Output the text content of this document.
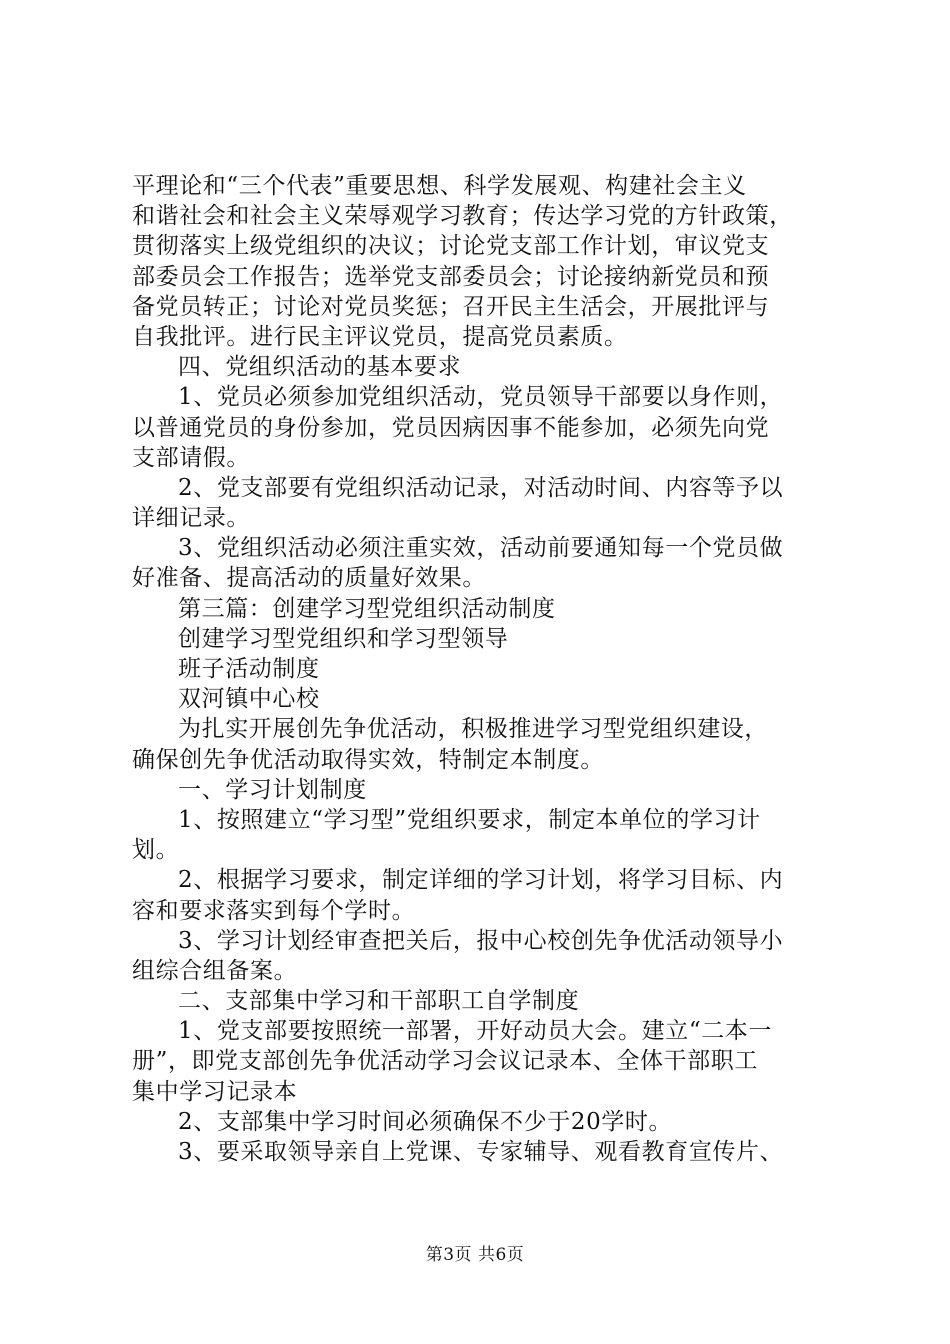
平理论和“三个代表”重要思想、科学发展观、构建社会主义
和谐社会和社会主义荣辱观学习教育；传达学习党的方针政策，
贯彻落实上级党组织的决议；讨论党支部工作计划，审议党支
部委员会工作报告；选举党支部委员会；讨论接纳新党员和预
备党员转正；讨论对党员奖惩；召开民主生活会，开展批评与
自我批评。进行民主评议党员，提高党员素质。
四、党组织活动的基本要求
1、党员必须参加党组织活动，党员领导干部要以身作则，
以普通党员的身份参加，党员因病因事不能参加，必须先向党
支部请假。
2、党支部要有党组织活动记录，对活动时间、内容等予以
详细记录。
3、党组织活动必须注重实效，活动前要通知每一个党员做
好准备、提高活动的质量好效果。
第三篇：创建学习型党组织活动制度
创建学习型党组织和学习型领导
班子活动制度
双河镇中心校
为扎实开展创先争优活动，积极推进学习型党组织建设，
确保创先争优活动取得实效，特制定本制度。
一、学习计划制度
1、按照建立“学习型”党组织要求，制定本单位的学习计
划。
2、根据学习要求，制定详细的学习计划，将学习目标、内
容和要求落实到每个学时。
3、学习计划经审查把关后，报中心校创先争优活动领导小
组综合组备案。
二、支部集中学习和干部职工自学制度
1、党支部要按照统一部署，开好动员大会。建立“二本一
册”，即党支部创先争优活动学习会议记录本、全体干部职工
集中学习记录本
2、支部集中学习时间必须确保不少于20学时。
3、要采取领导亲自上党课、专家辅导、观看教育宣传片、
第3页 共6页
